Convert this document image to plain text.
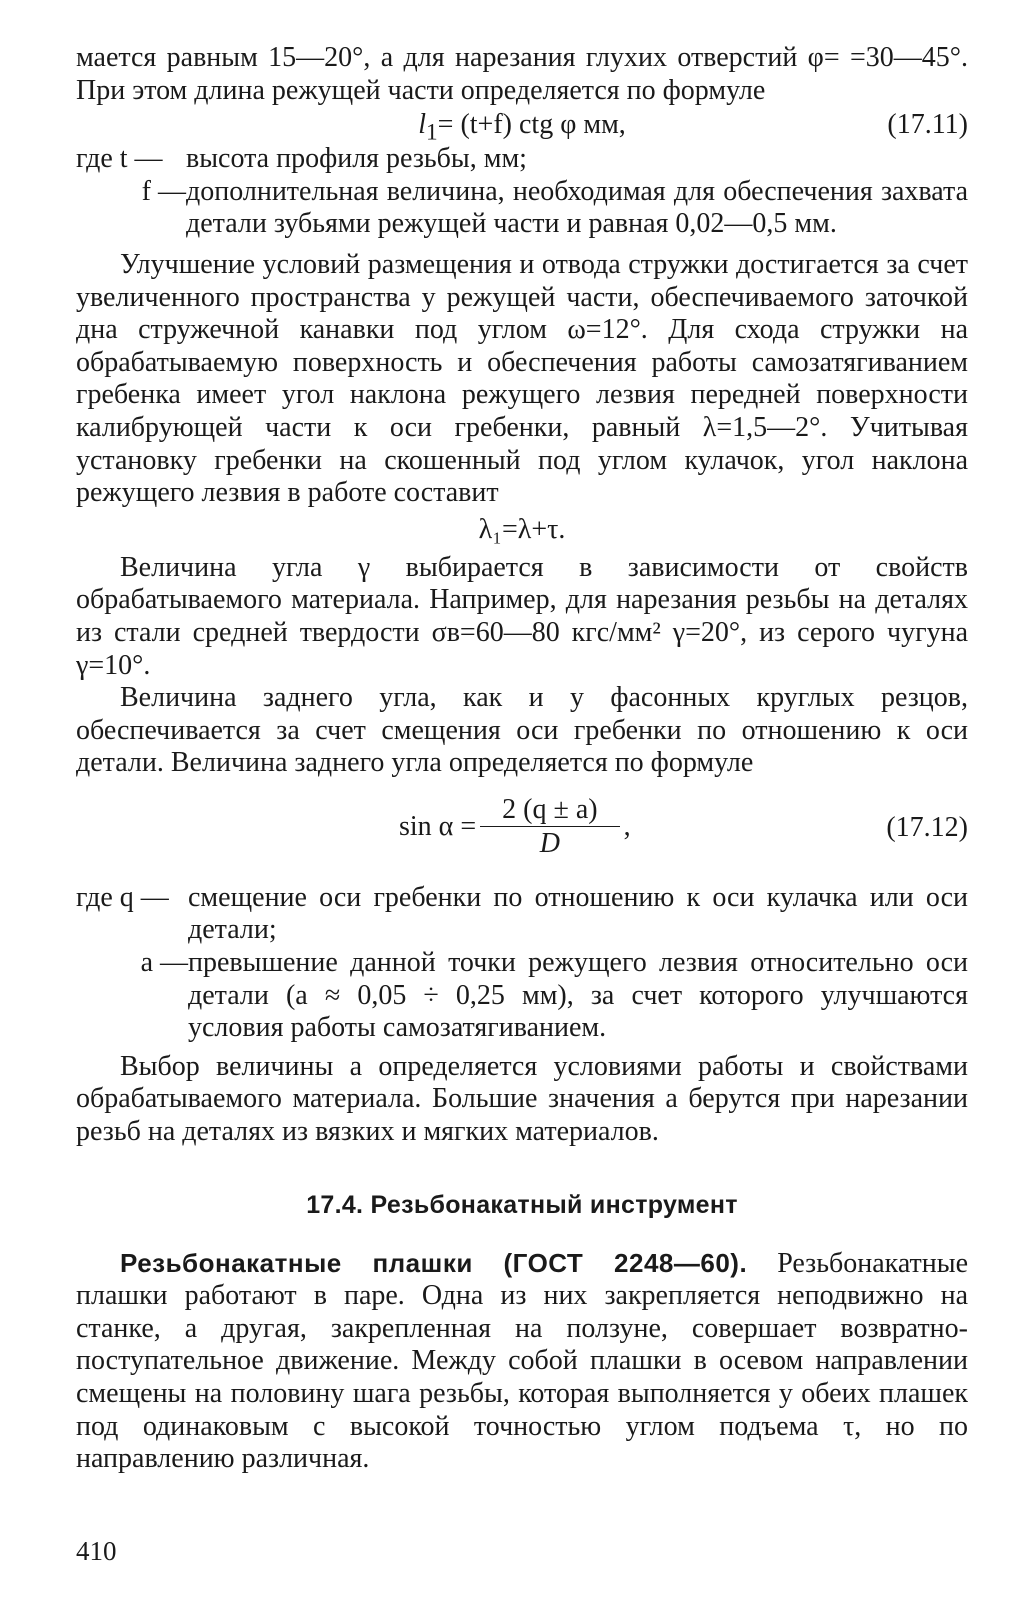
мается равным 15—20°, а для нарезания глухих отверстий φ= =30—45°. При этом длина режущей части определяется по формуле

$l_1= (t+f)$ ctg φ мм,	(17.11)
где t — высота профиля резьбы, мм;
f — дополнительная величина, необходимая для обеспечения захвата детали зубьями режущей части и равная 0,02—0,5 мм.

Улучшение условий размещения и отвода стружки достигается за счет увеличенного пространства у режущей части, обеспечиваемого заточкой дна стружечной канавки под углом ω=12°. Для схода стружки на обрабатываемую поверхность и обеспечения работы самозатягиванием гребенка имеет угол наклона режущего лезвия передней поверхности калибрующей части к оси гребенки, равный λ=1,5—2°. Учитывая установку гребенки на скошенный под углом кулачок, угол наклона режущего лезвия в работе составит

λ₁=λ+τ.

Величина угла γ выбирается в зависимости от свойств обрабатываемого материала. Например, для нарезания резьбы на деталях из стали средней твердости σв=60—80 кгс/мм² γ=20°, из серого чугуна γ=10°.

Величина заднего угла, как и у фасонных круглых резцов, обеспечивается за счет смещения оси гребенки по отношению к оси детали. Величина заднего угла определяется по формуле

$\sin \alpha = \frac{2 (q \pm a)}{D}$ ,	(17.12)
где q — смещение оси гребенки по отношению к оси кулачка или оси детали;
a — превышение данной точки режущего лезвия относительно оси детали (a ≈ 0,05 ÷ 0,25 мм), за счет которого улучшаются условия работы самозатягиванием.

Выбор величины a определяется условиями работы и свойствами обрабатываемого материала. Большие значения a берутся при нарезании резьб на деталях из вязких и мягких материалов.

17.4. Резьбонакатный инструмент

Резьбонакатные плашки (ГОСТ 2248—60). Резьбонакатные плашки работают в паре. Одна из них закрепляется неподвижно на станке, а другая, закрепленная на ползуне, совершает возвратно-поступательное движение. Между собой плашки в осевом направлении смещены на половину шага резьбы, которая выполняется у обеих плашек под одинаковым с высокой точностью углом подъема τ, но по направлению различная.

410
